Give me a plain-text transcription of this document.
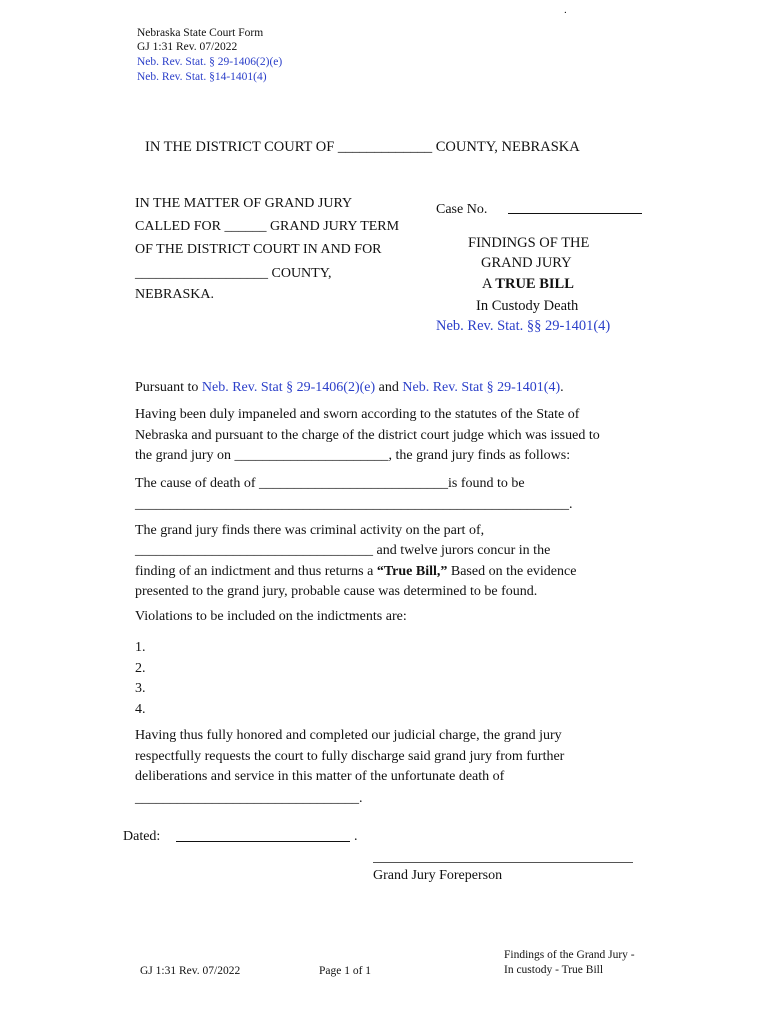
.
Nebraska State Court Form
GJ 1:31 Rev. 07/2022
Neb. Rev. Stat. § 29-1406(2)(e)
Neb. Rev. Stat. §14-1401(4)
IN THE DISTRICT COURT OF _____________ COUNTY, NEBRASKA
IN THE MATTER OF GRAND JURY
CALLED FOR ______ GRAND JURY TERM
OF THE DISTRICT COURT IN AND FOR
___________________ COUNTY,
NEBRASKA.
Case No.
FINDINGS OF THE
GRAND JURY
A TRUE BILL
In Custody Death
Neb. Rev. Stat. §§ 29-1401(4)
Pursuant to Neb. Rev. Stat § 29-1406(2)(e) and Neb. Rev. Stat § 29-1401(4).
Having been duly impaneled and sworn according to the statutes of the State of
Nebraska and pursuant to the charge of the district court judge which was issued to
the grand jury on ______________________, the grand jury finds as follows:
The cause of death of ___________________________is found to be
______________________________________________________________.
The grand jury finds there was criminal activity on the part of,
__________________________________ and twelve jurors concur in the
finding of an indictment and thus returns a “True Bill,” Based on the evidence
presented to the grand jury, probable cause was determined to be found.
Violations to be included on the indictments are:
1.
2.
3.
4.
Having thus fully honored and completed our judicial charge, the grand jury
respectfully requests the court to fully discharge said grand jury from further
deliberations and service in this matter of the unfortunate death of
________________________________.
Dated:	.
Grand Jury Foreperson
GJ 1:31 Rev. 07/2022	Page 1 of 1
Findings of the Grand Jury -
In custody - True Bill
